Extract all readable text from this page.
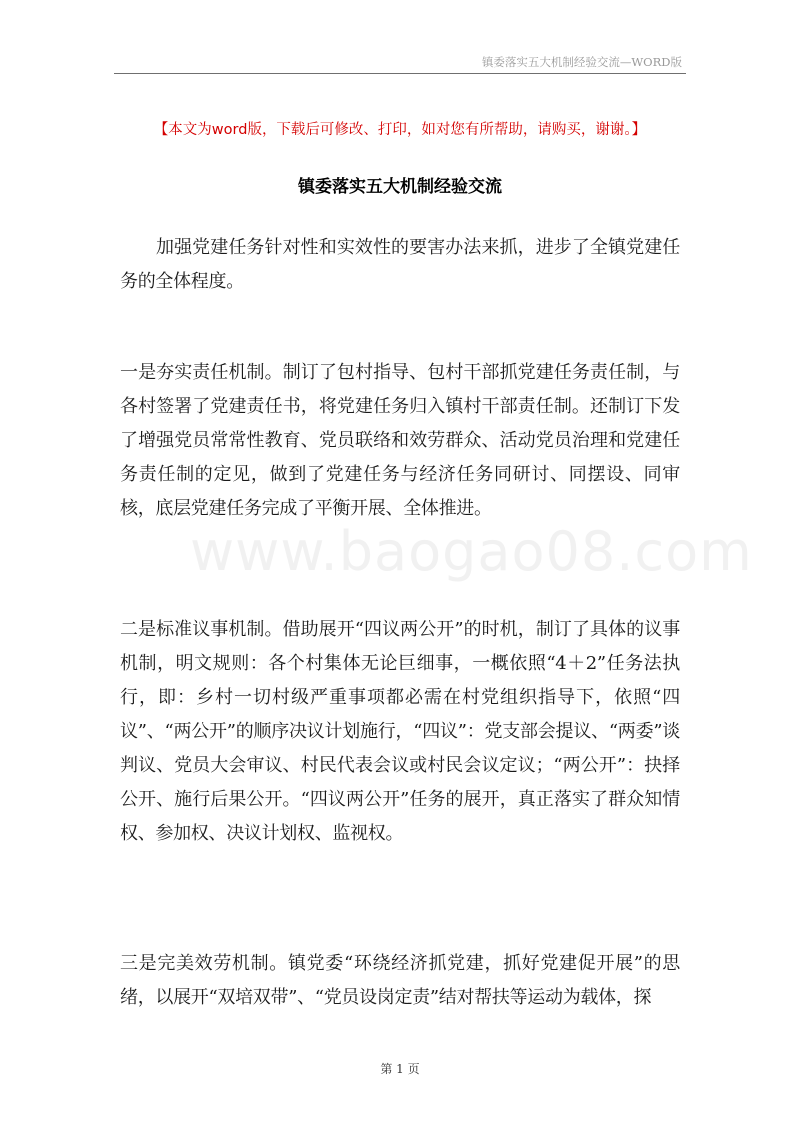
镇委落实五大机制经验交流—WORD版
【本文为word版，下载后可修改、打印，如对您有所帮助，请购买，谢谢。】
镇委落实五大机制经验交流
www.baogao08.com
加强党建任务针对性和实效性的要害办法来抓，进步了全镇党建任务的全体程度。
一是夯实责任机制。制订了包村指导、包村干部抓党建任务责任制，与各村签署了党建责任书，将党建任务归入镇村干部责任制。还制订下发了增强党员常常性教育、党员联络和效劳群众、活动党员治理和党建任务责任制的定见，做到了党建任务与经济任务同研讨、同摆设、同审核，底层党建任务完成了平衡开展、全体推进。
二是标准议事机制。借助展开“四议两公开”的时机，制订了具体的议事机制，明文规则：各个村集体无论巨细事，一概依照“4＋2”任务法执行，即：乡村一切村级严重事项都必需在村党组织指导下，依照“四议”、“两公开”的顺序决议计划施行，“四议”：党支部会提议、“两委”谈判议、党员大会审议、村民代表会议或村民会议定议；“两公开”：抉择公开、施行后果公开。“四议两公开”任务的展开，真正落实了群众知情权、参加权、决议计划权、监视权。
三是完美效劳机制。镇党委“环绕经济抓党建，抓好党建促开展”的思绪，以展开“双培双带”、“党员设岗定责”结对帮扶等运动为载体，探
第 1 页
